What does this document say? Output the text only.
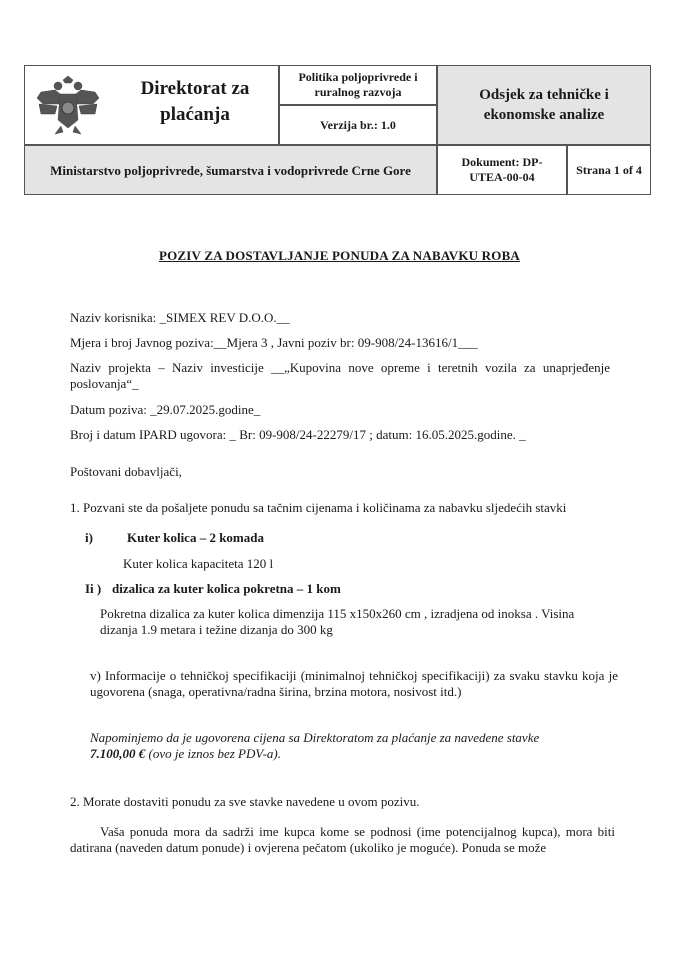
Direktorat za plaćanja
Politika poljoprivrede i ruralnog razvoja
Verzija br.: 1.0
Odsjek za tehničke i ekonomske analize
Ministarstvo poljoprivrede, šumarstva i vodoprivrede Crne Gore
Dokument: DP-UTEA-00-04
Strana 1 of 4
POZIV ZA DOSTAVLJANJE PONUDA ZA NABAVKU ROBA
Naziv korisnika: _SIMEX REV D.O.O.__
Mjera i broj Javnog poziva:__Mjera 3 , Javni poziv br: 09-908/24-13616/1___
Naziv projekta – Naziv investicije __„Kupovina nove opreme i teretnih vozila za unaprjeđenje poslovanja“_
Datum poziva: _29.07.2025.godine_
Broj i datum IPARD ugovora: _ Br: 09-908/24-22279/17 ; datum: 16.05.2025.godine. _
Poštovani dobavljači,
1. Pozvani ste da pošaljete ponudu sa tačnim cijenama i količinama za nabavku sljedećih stavki
i)	Kuter kolica – 2 komada
Kuter kolica kapaciteta 120 l
Ii ) dizalica za kuter kolica pokretna – 1 kom
Pokretna dizalica za kuter kolica dimenzija 115 x150x260 cm , izradjena od inoksa . Visina dizanja 1.9 metara i težine dizanja do 300 kg
v) Informacije o tehničkoj specifikaciji (minimalnoj tehničkoj specifikaciji) za svaku stavku koja je ugovorena (snaga, operativna/radna širina, brzina motora, nosivost itd.)
Napominjemo da je ugovorena cijena sa Direktoratom za plaćanje za navedene stavke
7.100,00 € (ovo je iznos bez PDV-a).
2. Morate dostaviti ponudu za sve stavke navedene u ovom pozivu.
Vaša ponuda mora da sadrži ime kupca kome se podnosi (ime potencijalnog kupca), mora biti datirana (naveden datum ponude) i ovjerena pečatom (ukoliko je moguće). Ponuda se može
